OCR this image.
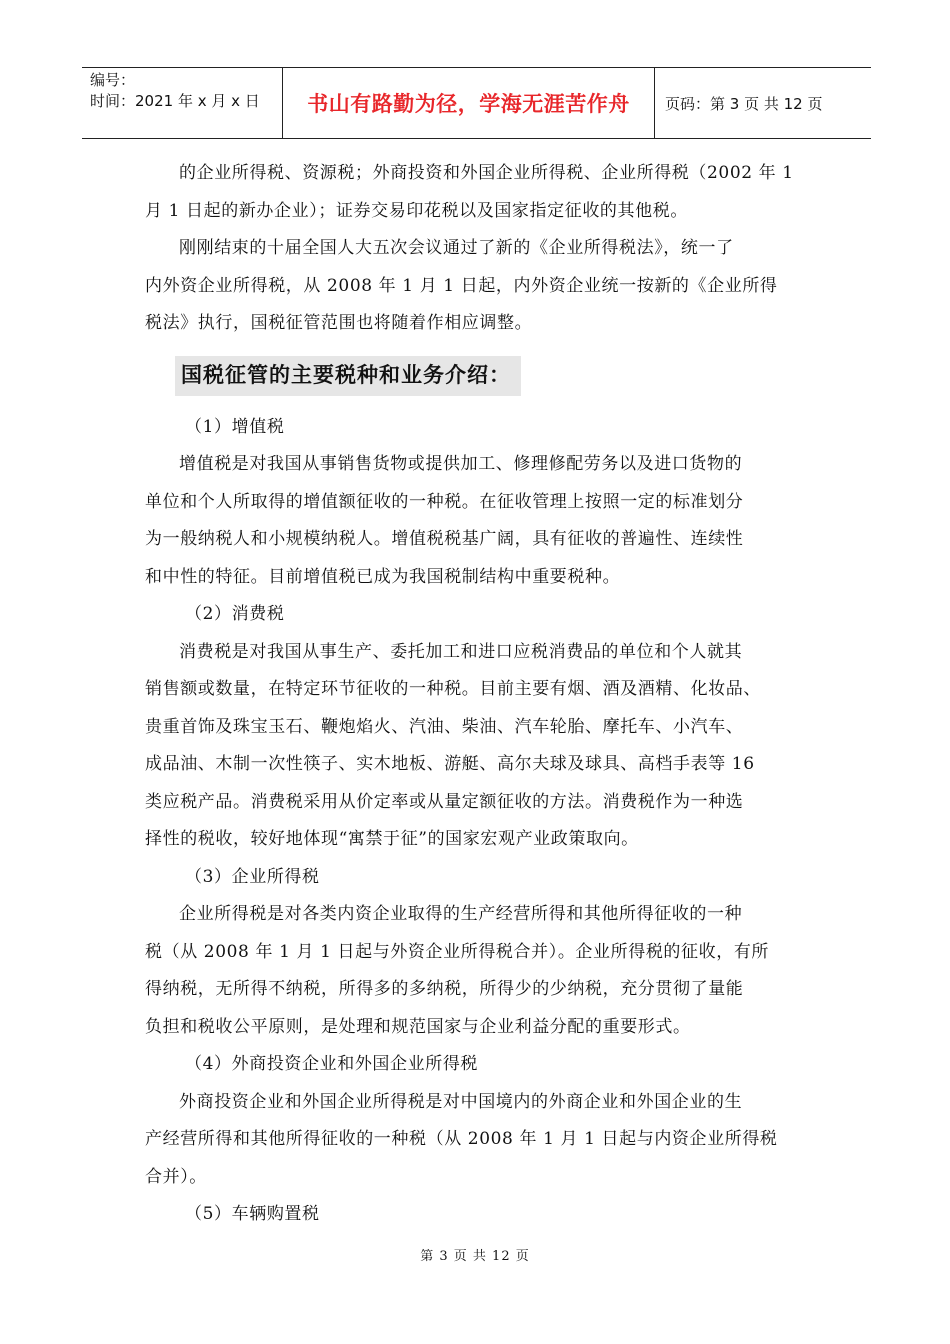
编号：
时间：2021 年 x 月 x 日	书山有路勤为径，学海无涯苦作舟	页码：第 3 页 共 12 页
的企业所得税、资源税；外商投资和外国企业所得税、企业所得税（2002 年 1
月 1 日起的新办企业）；证券交易印花税以及国家指定征收的其他税。
刚刚结束的十届全国人大五次会议通过了新的《企业所得税法》，统一了
内外资企业所得税，从 2008 年 1 月 1 日起，内外资企业统一按新的《企业所得
税法》执行，国税征管范围也将随着作相应调整。
国税征管的主要税种和业务介绍：
（1）增值税
增值税是对我国从事销售货物或提供加工、修理修配劳务以及进口货物的
单位和个人所取得的增值额征收的一种税。在征收管理上按照一定的标准划分
为一般纳税人和小规模纳税人。增值税税基广阔，具有征收的普遍性、连续性
和中性的特征。目前增值税已成为我国税制结构中重要税种。
（2）消费税
消费税是对我国从事生产、委托加工和进口应税消费品的单位和个人就其
销售额或数量，在特定环节征收的一种税。目前主要有烟、酒及酒精、化妆品、
贵重首饰及珠宝玉石、鞭炮焰火、汽油、柴油、汽车轮胎、摩托车、小汽车、
成品油、木制一次性筷子、实木地板、游艇、高尔夫球及球具、高档手表等 16
类应税产品。消费税采用从价定率或从量定额征收的方法。消费税作为一种选
择性的税收，较好地体现“寓禁于征”的国家宏观产业政策取向。
（3）企业所得税
企业所得税是对各类内资企业取得的生产经营所得和其他所得征收的一种
税（从 2008 年 1 月 1 日起与外资企业所得税合并）。企业所得税的征收，有所
得纳税，无所得不纳税，所得多的多纳税，所得少的少纳税，充分贯彻了量能
负担和税收公平原则，是处理和规范国家与企业利益分配的重要形式。
（4）外商投资企业和外国企业所得税
外商投资企业和外国企业所得税是对中国境内的外商企业和外国企业的生
产经营所得和其他所得征收的一种税（从 2008 年 1 月 1 日起与内资企业所得税
合并）。
（5）车辆购置税
第 3 页 共 12 页
